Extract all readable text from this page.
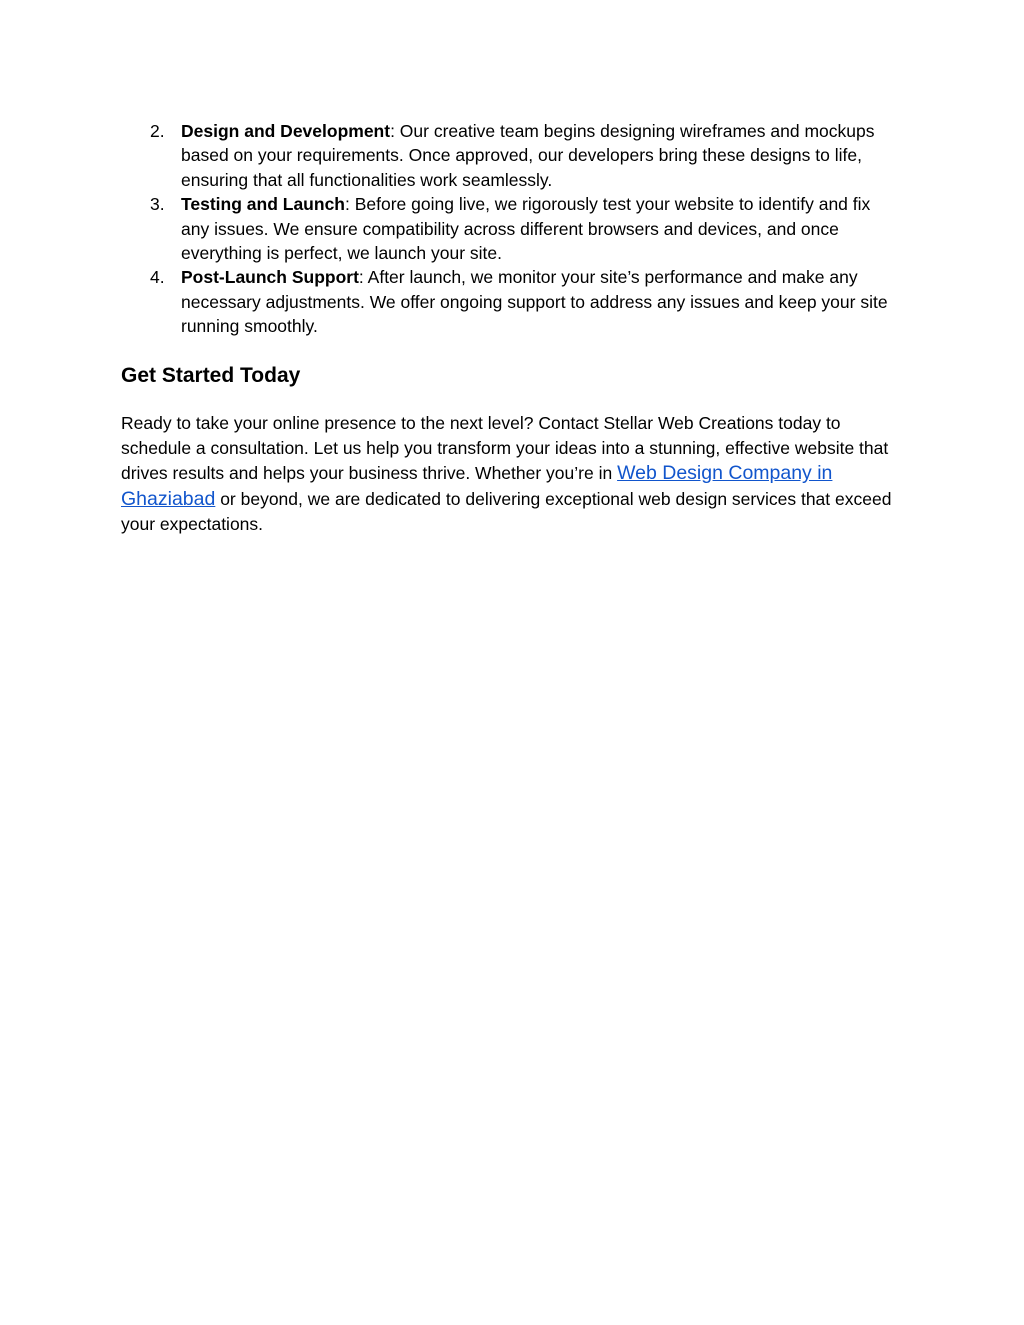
2. Design and Development: Our creative team begins designing wireframes and mockups based on your requirements. Once approved, our developers bring these designs to life, ensuring that all functionalities work seamlessly.
3. Testing and Launch: Before going live, we rigorously test your website to identify and fix any issues. We ensure compatibility across different browsers and devices, and once everything is perfect, we launch your site.
4. Post-Launch Support: After launch, we monitor your site’s performance and make any necessary adjustments. We offer ongoing support to address any issues and keep your site running smoothly.
Get Started Today

Ready to take your online presence to the next level? Contact Stellar Web Creations today to schedule a consultation. Let us help you transform your ideas into a stunning, effective website that drives results and helps your business thrive. Whether you’re in Web Design Company in Ghaziabad or beyond, we are dedicated to delivering exceptional web design services that exceed your expectations.
